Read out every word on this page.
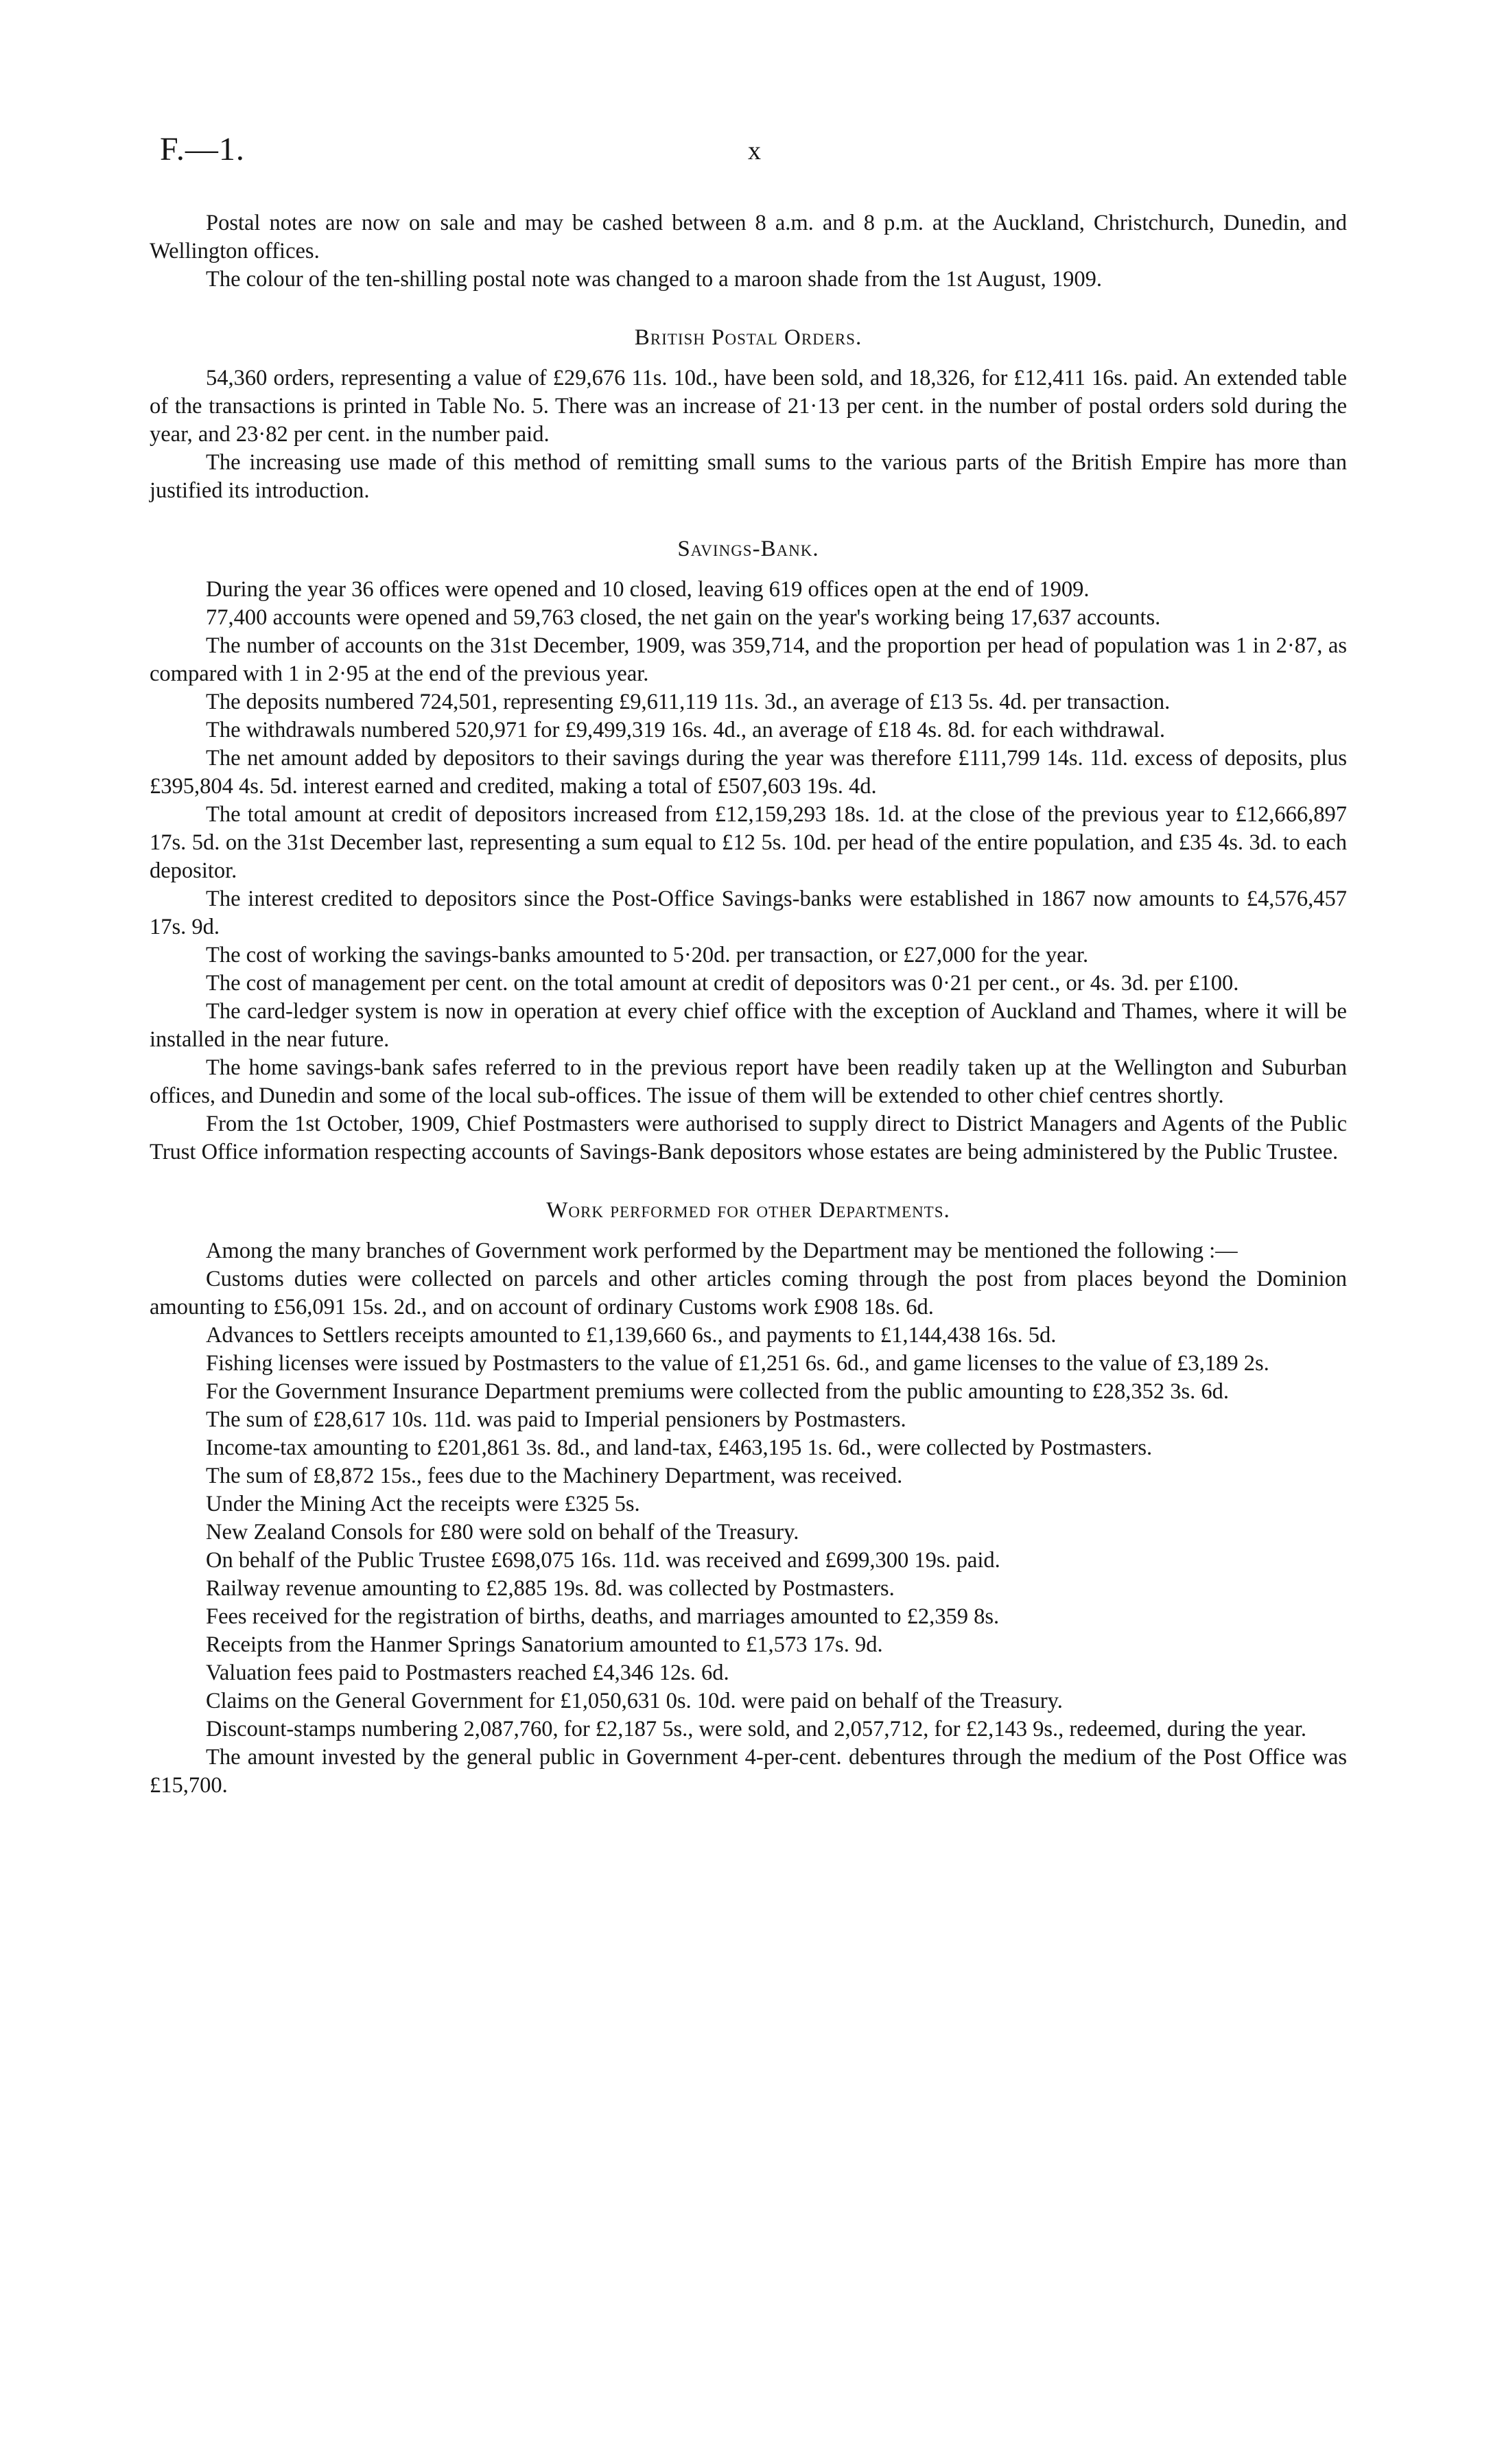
F.—1.	x

Postal notes are now on sale and may be cashed between 8 a.m. and 8 p.m. at the Auckland, Christchurch, Dunedin, and Wellington offices.

The colour of the ten-shilling postal note was changed to a maroon shade from the 1st August, 1909.

British Postal Orders.

54,360 orders, representing a value of £29,676 11s. 10d., have been sold, and 18,326, for £12,411 16s. paid. An extended table of the transactions is printed in Table No. 5. There was an increase of 21·13 per cent. in the number of postal orders sold during the year, and 23·82 per cent. in the number paid.

The increasing use made of this method of remitting small sums to the various parts of the British Empire has more than justified its introduction.

Savings-Bank.

During the year 36 offices were opened and 10 closed, leaving 619 offices open at the end of 1909.

77,400 accounts were opened and 59,763 closed, the net gain on the year's working being 17,637 accounts.

The number of accounts on the 31st December, 1909, was 359,714, and the proportion per head of population was 1 in 2·87, as compared with 1 in 2·95 at the end of the previous year.

The deposits numbered 724,501, representing £9,611,119 11s. 3d., an average of £13 5s. 4d. per transaction.

The withdrawals numbered 520,971 for £9,499,319 16s. 4d., an average of £18 4s. 8d. for each withdrawal.

The net amount added by depositors to their savings during the year was therefore £111,799 14s. 11d. excess of deposits, plus £395,804 4s. 5d. interest earned and credited, making a total of £507,603 19s. 4d.

The total amount at credit of depositors increased from £12,159,293 18s. 1d. at the close of the previous year to £12,666,897 17s. 5d. on the 31st December last, representing a sum equal to £12 5s. 10d. per head of the entire population, and £35 4s. 3d. to each depositor.

The interest credited to depositors since the Post-Office Savings-banks were established in 1867 now amounts to £4,576,457 17s. 9d.

The cost of working the savings-banks amounted to 5·20d. per transaction, or £27,000 for the year.

The cost of management per cent. on the total amount at credit of depositors was 0·21 per cent., or 4s. 3d. per £100.

The card-ledger system is now in operation at every chief office with the exception of Auckland and Thames, where it will be installed in the near future.

The home savings-bank safes referred to in the previous report have been readily taken up at the Wellington and Suburban offices, and Dunedin and some of the local sub-offices. The issue of them will be extended to other chief centres shortly.

From the 1st October, 1909, Chief Postmasters were authorised to supply direct to District Managers and Agents of the Public Trust Office information respecting accounts of Savings-Bank depositors whose estates are being administered by the Public Trustee.

Work performed for other Departments.

Among the many branches of Government work performed by the Department may be mentioned the following :—

Customs duties were collected on parcels and other articles coming through the post from places beyond the Dominion amounting to £56,091 15s. 2d., and on account of ordinary Customs work £908 18s. 6d.

Advances to Settlers receipts amounted to £1,139,660 6s., and payments to £1,144,438 16s. 5d.

Fishing licenses were issued by Postmasters to the value of £1,251 6s. 6d., and game licenses to the value of £3,189 2s.

For the Government Insurance Department premiums were collected from the public amounting to £28,352 3s. 6d.

The sum of £28,617 10s. 11d. was paid to Imperial pensioners by Postmasters.

Income-tax amounting to £201,861 3s. 8d., and land-tax, £463,195 1s. 6d., were collected by Postmasters.

The sum of £8,872 15s., fees due to the Machinery Department, was received.

Under the Mining Act the receipts were £325 5s.

New Zealand Consols for £80 were sold on behalf of the Treasury.

On behalf of the Public Trustee £698,075 16s. 11d. was received and £699,300 19s. paid.

Railway revenue amounting to £2,885 19s. 8d. was collected by Postmasters.

Fees received for the registration of births, deaths, and marriages amounted to £2,359 8s.

Receipts from the Hanmer Springs Sanatorium amounted to £1,573 17s. 9d.

Valuation fees paid to Postmasters reached £4,346 12s. 6d.

Claims on the General Government for £1,050,631 0s. 10d. were paid on behalf of the Treasury.

Discount-stamps numbering 2,087,760, for £2,187 5s., were sold, and 2,057,712, for £2,143 9s., redeemed, during the year.

The amount invested by the general public in Government 4-per-cent. debentures through the medium of the Post Office was £15,700.
